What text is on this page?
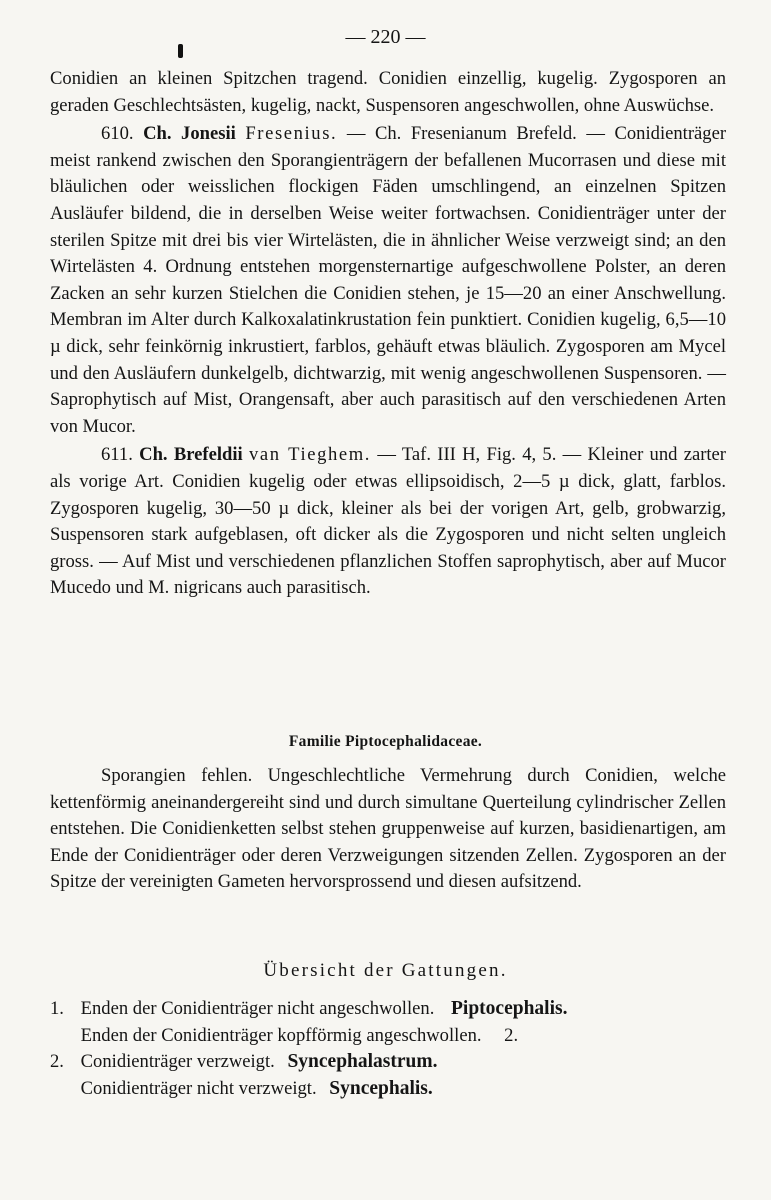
— 220 —

Conidien an kleinen Spitzchen tragend. Conidien einzellig, kugelig. Zygosporen an geraden Geschlechtsästen, kugelig, nackt, Suspensoren angeschwollen, ohne Auswüchse.

610. Ch. Jonesii Fresenius. — Ch. Fresenianum Brefeld. — Conidienträger meist rankend zwischen den Sporangienträgern der befallenen Mucorrasen und diese mit bläulichen oder weisslichen flockigen Fäden umschlingend, an einzelnen Spitzen Ausläufer bildend, die in derselben Weise weiter fortwachsen. Conidienträger unter der sterilen Spitze mit drei bis vier Wirtelästen, die in ähnlicher Weise verzweigt sind; an den Wirtelästen 4. Ordnung entstehen morgensternartige aufgeschwollene Polster, an deren Zacken an sehr kurzen Stielchen die Conidien stehen, je 15—20 an einer Anschwellung. Membran im Alter durch Kalkoxalatinkrustation fein punktiert. Conidien kugelig, 6,5—10 µ dick, sehr feinkörnig inkrustiert, farblos, gehäuft etwas bläulich. Zygosporen am Mycel und den Ausläufern dunkelgelb, dichtwarzig, mit wenig angeschwollenen Suspensoren. — Saprophytisch auf Mist, Orangensaft, aber auch parasitisch auf den verschiedenen Arten von Mucor.

611. Ch. Brefeldii van Tieghem. — Taf. III H, Fig. 4, 5. — Kleiner und zarter als vorige Art. Conidien kugelig oder etwas ellipsoidisch, 2—5 µ dick, glatt, farblos. Zygosporen kugelig, 30—50 µ dick, kleiner als bei der vorigen Art, gelb, grobwarzig, Suspensoren stark aufgeblasen, oft dicker als die Zygosporen und nicht selten ungleich gross. — Auf Mist und verschiedenen pflanzlichen Stoffen saprophytisch, aber auf Mucor Mucedo und M. nigricans auch parasitisch.

Familie Piptocephalidaceae.

Sporangien fehlen. Ungeschlechtliche Vermehrung durch Conidien, welche kettenförmig aneinandergereiht sind und durch simultane Querteilung cylindrischer Zellen entstehen. Die Conidienketten selbst stehen gruppenweise auf kurzen, basidienartigen, am Ende der Conidienträger oder deren Verzweigungen sitzenden Zellen. Zygosporen an der Spitze der vereinigten Gameten hervorsprossend und diesen aufsitzend.

Übersicht der Gattungen.
1. Enden der Conidienträger nicht angeschwollen. Piptocephalis.
Enden der Conidienträger kopfförmig angeschwollen. 2.
2. Conidienträger verzweigt. Syncephalastrum.
Conidienträger nicht verzweigt. Syncephalis.
